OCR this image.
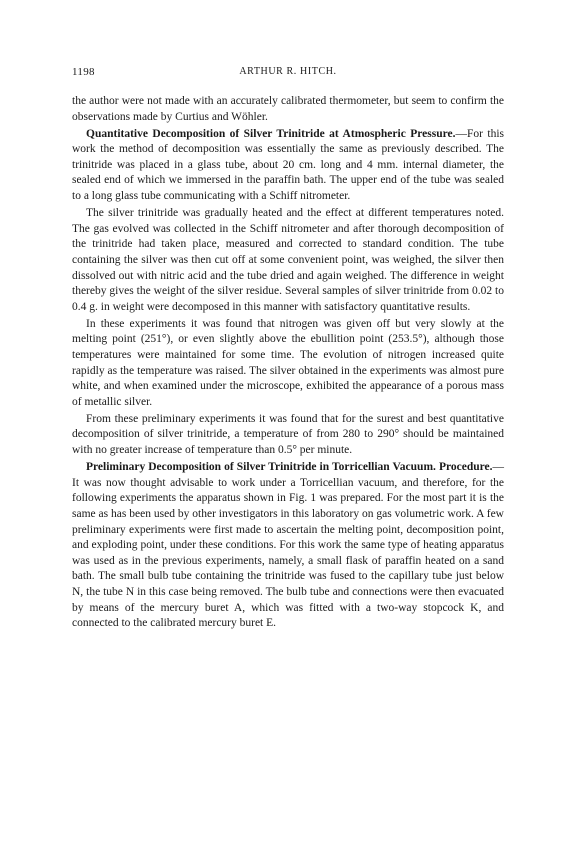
1198	ARTHUR R. HITCH.

the author were not made with an accurately calibrated thermometer, but seem to confirm the observations made by Curtius and Wöhler.

Quantitative Decomposition of Silver Trinitride at Atmospheric Pressure.—For this work the method of decomposition was essentially the same as previously described. The trinitride was placed in a glass tube, about 20 cm. long and 4 mm. internal diameter, the sealed end of which we immersed in the paraffin bath. The upper end of the tube was sealed to a long glass tube communicating with a Schiff nitrometer.

The silver trinitride was gradually heated and the effect at different temperatures noted. The gas evolved was collected in the Schiff nitrometer and after thorough decomposition of the trinitride had taken place, measured and corrected to standard condition. The tube containing the silver was then cut off at some convenient point, was weighed, the silver then dissolved out with nitric acid and the tube dried and again weighed. The difference in weight thereby gives the weight of the silver residue. Several samples of silver trinitride from 0.02 to 0.4 g. in weight were decomposed in this manner with satisfactory quantitative results.

In these experiments it was found that nitrogen was given off but very slowly at the melting point (251°), or even slightly above the ebullition point (253.5°), although those temperatures were maintained for some time. The evolution of nitrogen increased quite rapidly as the temperature was raised. The silver obtained in the experiments was almost pure white, and when examined under the microscope, exhibited the appearance of a porous mass of metallic silver.

From these preliminary experiments it was found that for the surest and best quantitative decomposition of silver trinitride, a temperature of from 280 to 290° should be maintained with no greater increase of temperature than 0.5° per minute.

Preliminary Decomposition of Silver Trinitride in Torricellian Vacuum. Procedure.—It was now thought advisable to work under a Torricellian vacuum, and therefore, for the following experiments the apparatus shown in Fig. 1 was prepared. For the most part it is the same as has been used by other investigators in this laboratory on gas volumetric work. A few preliminary experiments were first made to ascertain the melting point, decomposition point, and exploding point, under these conditions. For this work the same type of heating apparatus was used as in the previous experiments, namely, a small flask of paraffin heated on a sand bath. The small bulb tube containing the trinitride was fused to the capillary tube just below N, the tube N in this case being removed. The bulb tube and connections were then evacuated by means of the mercury buret A, which was fitted with a two-way stopcock K, and connected to the calibrated mercury buret E.
